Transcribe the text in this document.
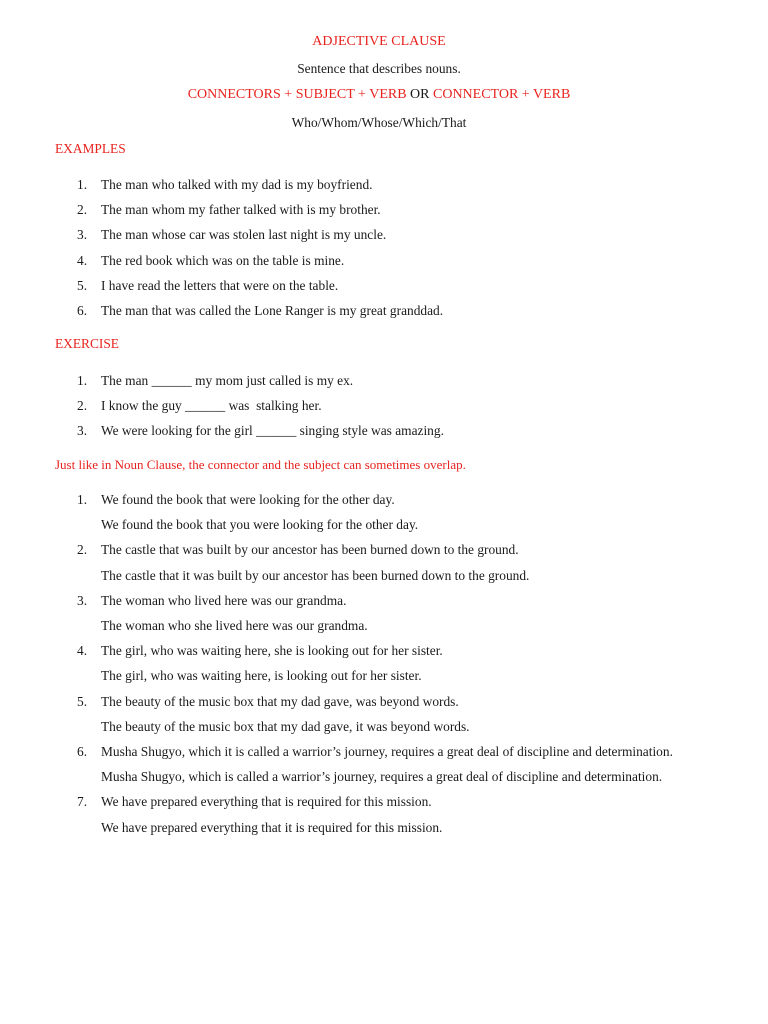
ADJECTIVE CLAUSE
Sentence that describes nouns.
CONNECTORS + SUBJECT + VERB OR CONNECTOR + VERB
Who/Whom/Whose/Which/That
EXAMPLES
1. The man who talked with my dad is my boyfriend.
2. The man whom my father talked with is my brother.
3. The man whose car was stolen last night is my uncle.
4. The red book which was on the table is mine.
5. I have read the letters that were on the table.
6. The man that was called the Lone Ranger is my great granddad.
EXERCISE
1. The man ______ my mom just called is my ex.
2. I know the guy ______ was  stalking her.
3. We were looking for the girl ______ singing style was amazing.
Just like in Noun Clause, the connector and the subject can sometimes overlap.
1. We found the book that were looking for the other day.
We found the book that you were looking for the other day.
2. The castle that was built by our ancestor has been burned down to the ground.
The castle that it was built by our ancestor has been burned down to the ground.
3. The woman who lived here was our grandma.
The woman who she lived here was our grandma.
4. The girl, who was waiting here, she is looking out for her sister.
The girl, who was waiting here, is looking out for her sister.
5. The beauty of the music box that my dad gave, was beyond words.
The beauty of the music box that my dad gave, it was beyond words.
6. Musha Shugyo, which it is called a warrior’s journey, requires a great deal of discipline and determination.
Musha Shugyo, which is called a warrior’s journey, requires a great deal of discipline and determination.
7. We have prepared everything that is required for this mission.
We have prepared everything that it is required for this mission.
